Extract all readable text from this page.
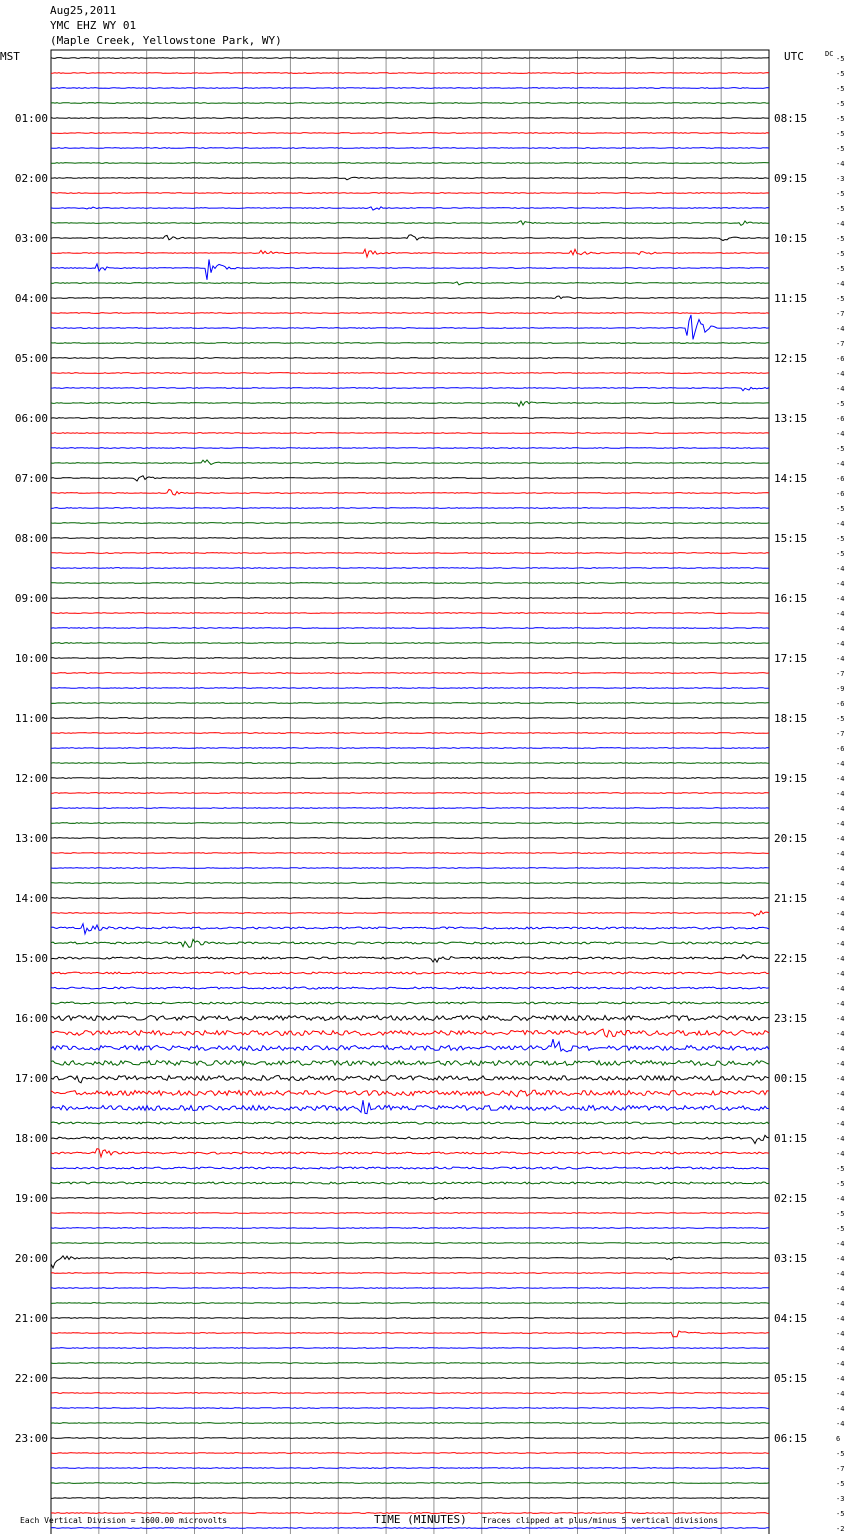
Aug25,2011
YMC EHZ WY 01
(Maple Creek, Yellowstone Park, WY)
-5
-5
-5
-5
-5
-5
-5
-4
-3
-5
-5
-4
-5
-5
-5
-4
-5
-7
-4
-7
-6
-4
-4
-5
-6
-4
-5
-4
-6
-6
-5
-4
-5
-5
-4
-4
-4
-4
-4
-4
-4
-7
-9
-6
-5
-7
-6
-4
-4
-4
-4
-4
-4
-4
-4
-4
-4
-4
-4
-4
-4
-4
-4
-4
-4
-4
-4
-4
-4
-4
-4
-4
-4
-4
-5
-5
-4
-5
-5
-4
-4
-4
-4
-4
-4
-4
-4
-4
-4
-4
-4
-4
6
-5
-7
-5
-3
-5
-2
MST	UTC	DC
01:00
02:00
03:00
04:00
05:00
06:00
07:00
08:00
09:00
10:00
11:00
12:00
13:00
14:00
15:00
16:00
17:00
18:00
19:00
20:00
21:00
22:00
23:00
08:15
09:15
10:15
11:15
12:15
13:15
14:15
15:15
16:15
17:15
18:15
19:15
20:15
21:15
22:15
23:15
00:15
01:15
02:15
03:15
04:15
05:15
06:15
Each Vertical Division = 1600.00 microvolts	TIME (MINUTES) Traces clipped at plus/minus 5 vertical divisions
